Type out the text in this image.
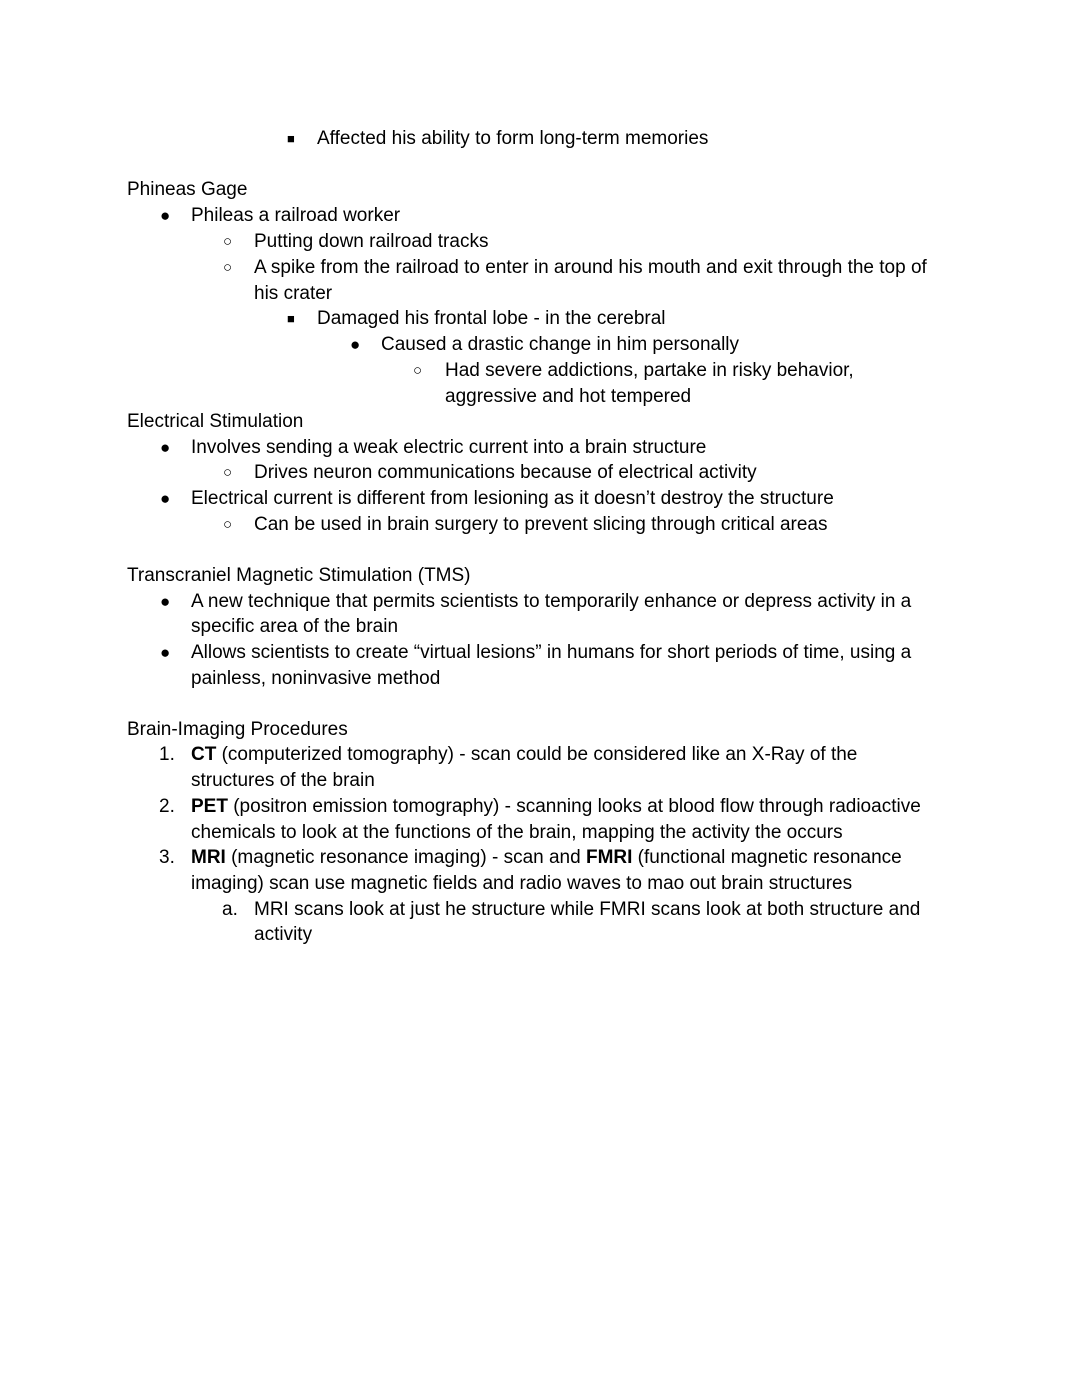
■ Affected his ability to form long-term memories
Phineas Gage
● Phileas a railroad worker
○ Putting down railroad tracks
○ A spike from the railroad to enter in around his mouth and exit through the top of
his crater
■ Damaged his frontal lobe - in the cerebral
● Caused a drastic change in him personally
○ Had severe addictions, partake in risky behavior,
aggressive and hot tempered
Electrical Stimulation
● Involves sending a weak electric current into a brain structure
○ Drives neuron communications because of electrical activity
● Electrical current is different from lesioning as it doesn’t destroy the structure
○ Can be used in brain surgery to prevent slicing through critical areas
Transcraniel Magnetic Stimulation (TMS)
● A new technique that permits scientists to temporarily enhance or depress activity in a
specific area of the brain
● Allows scientists to create “virtual lesions” in humans for short periods of time, using a
painless, noninvasive method
Brain-Imaging Procedures
1. CT (computerized tomography) - scan could be considered like an X-Ray of the
structures of the brain
2. PET (positron emission tomography) - scanning looks at blood flow through radioactive
chemicals to look at the functions of the brain, mapping the activity the occurs
3. MRI (magnetic resonance imaging) - scan and FMRI (functional magnetic resonance
imaging) scan use magnetic fields and radio waves to mao out brain structures
a. MRI scans look at just he structure while FMRI scans look at both structure and
activity
